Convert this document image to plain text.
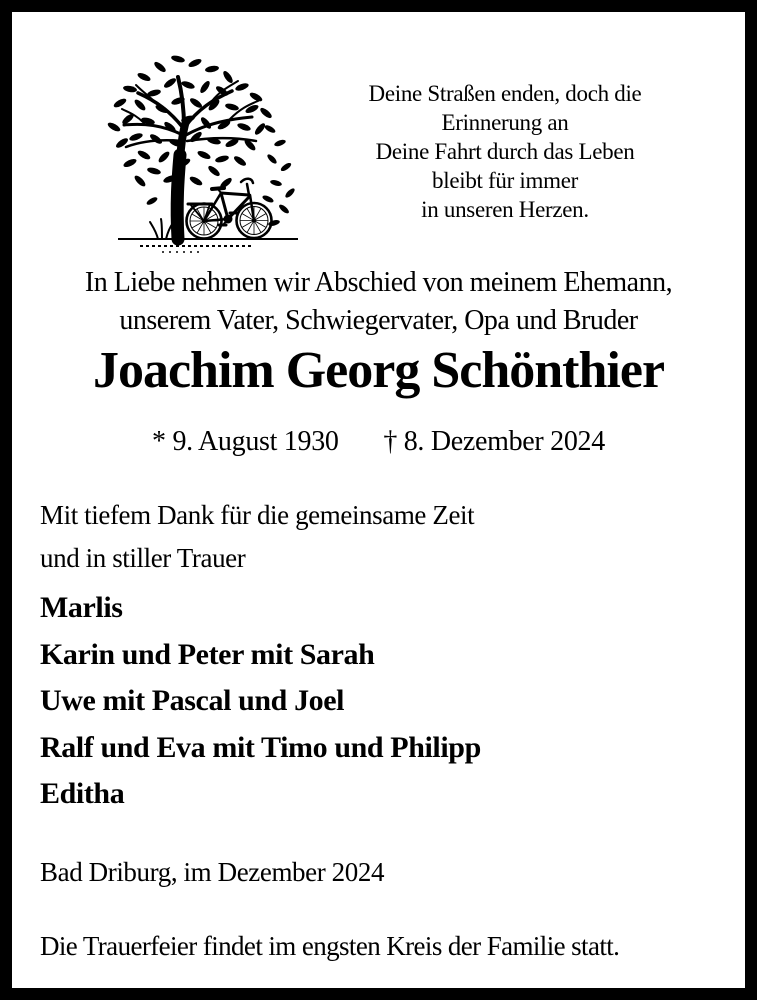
Deine Straßen enden, doch die
Erinnerung an
Deine Fahrt durch das Leben
bleibt für immer
in unseren Herzen.
In Liebe nehmen wir Abschied von meinem Ehemann,
unserem Vater, Schwiegervater, Opa und Bruder
Joachim Georg Schönthier
* 9. August 1930 † 8. Dezember 2024
Mit tiefem Dank für die gemeinsame Zeit
und in stiller Trauer
Marlis
Karin und Peter mit Sarah
Uwe mit Pascal und Joel
Ralf und Eva mit Timo und Philipp
Editha
Bad Driburg, im Dezember 2024
Die Trauerfeier findet im engsten Kreis der Familie statt.
